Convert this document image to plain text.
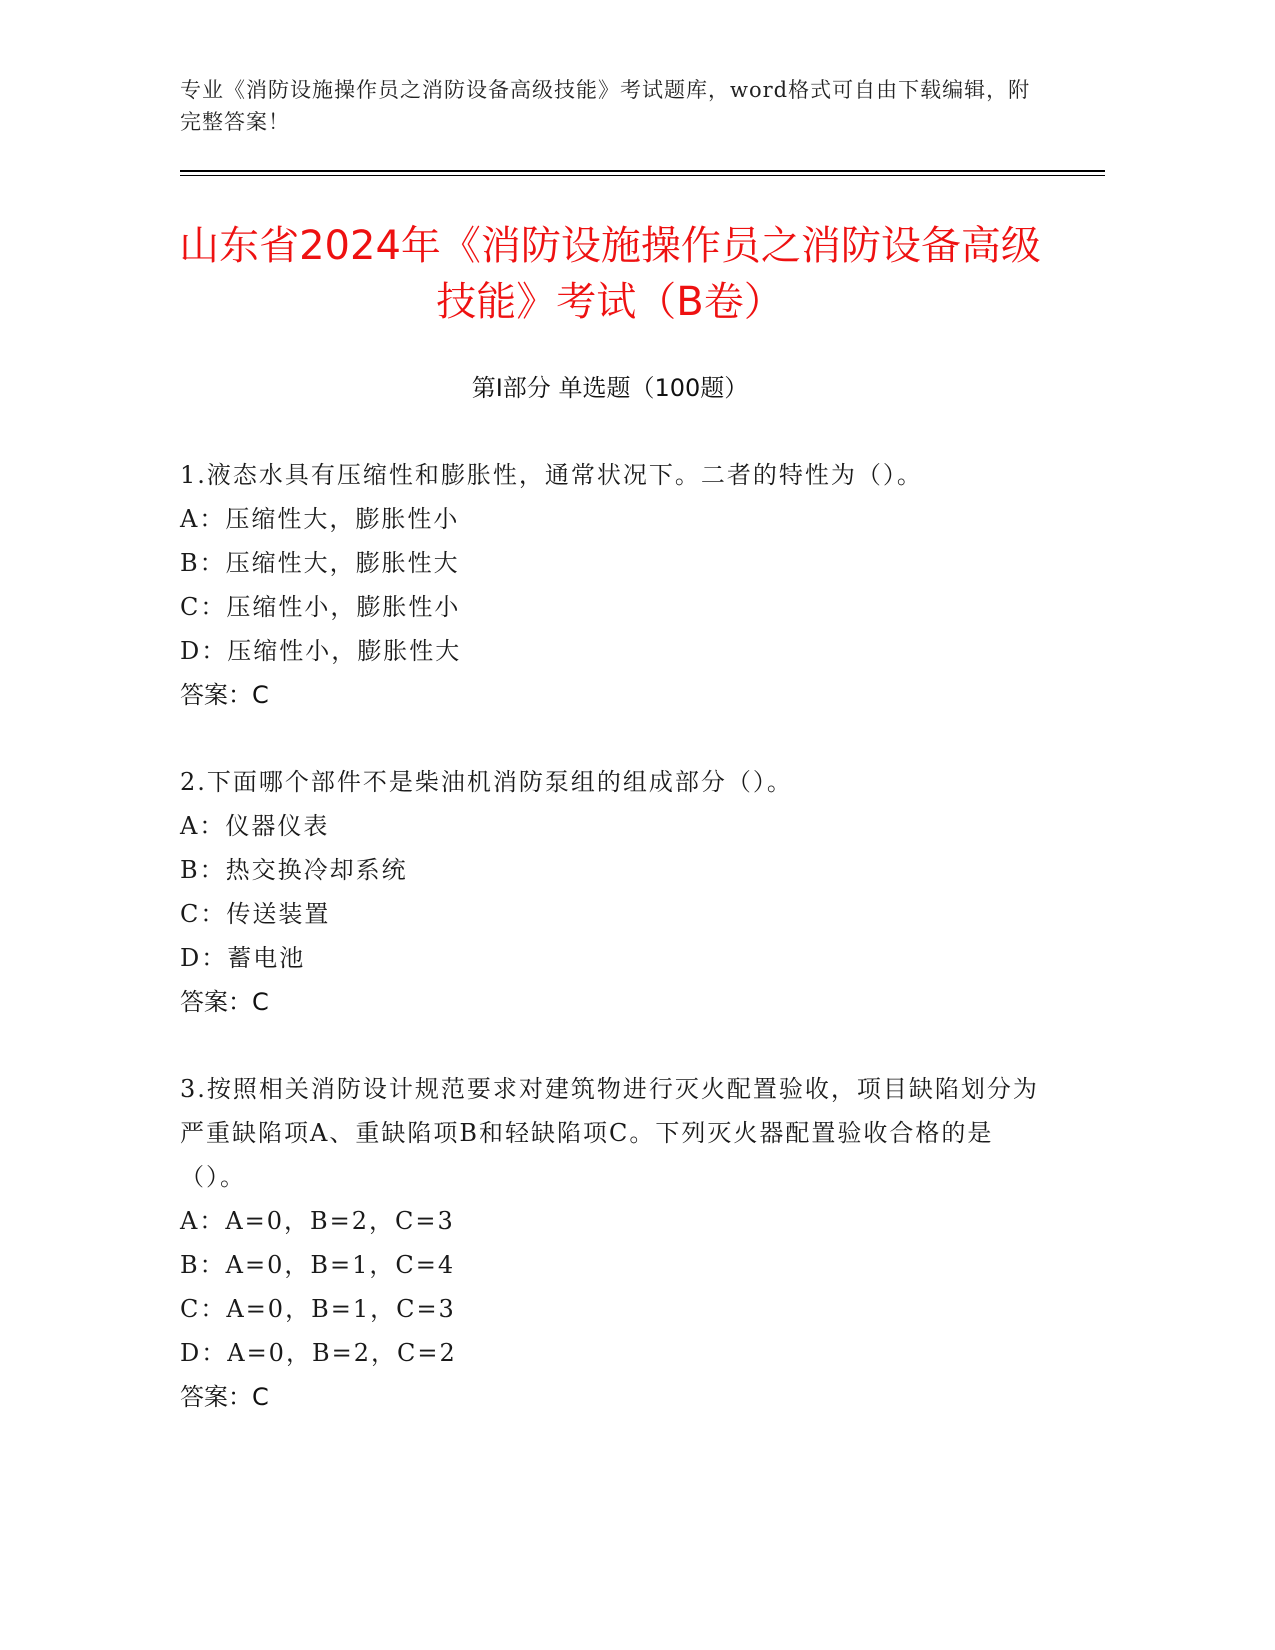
专业《消防设施操作员之消防设备高级技能》考试题库，word格式可自由下载编辑，附完整答案！
山东省2024年《消防设施操作员之消防设备高级技能》考试（B卷）
第I部分 单选题（100题）

1.液态水具有压缩性和膨胀性，通常状况下。二者的特性为（）。

A：压缩性大，膨胀性小

B：压缩性大，膨胀性大

C：压缩性小，膨胀性小

D：压缩性小，膨胀性大

答案：C

2.下面哪个部件不是柴油机消防泵组的组成部分（）。

A：仪器仪表

B：热交换冷却系统

C：传送装置

D：蓄电池

答案：C

3.按照相关消防设计规范要求对建筑物进行灭火配置验收，项目缺陷划分为严重缺陷项A、重缺陷项B和轻缺陷项C。下列灭火器配置验收合格的是（）。

A：A=0，B=2，C=3

B：A=0，B=1，C=4

C：A=0，B=1，C=3

D：A=0，B=2，C=2

答案：C
